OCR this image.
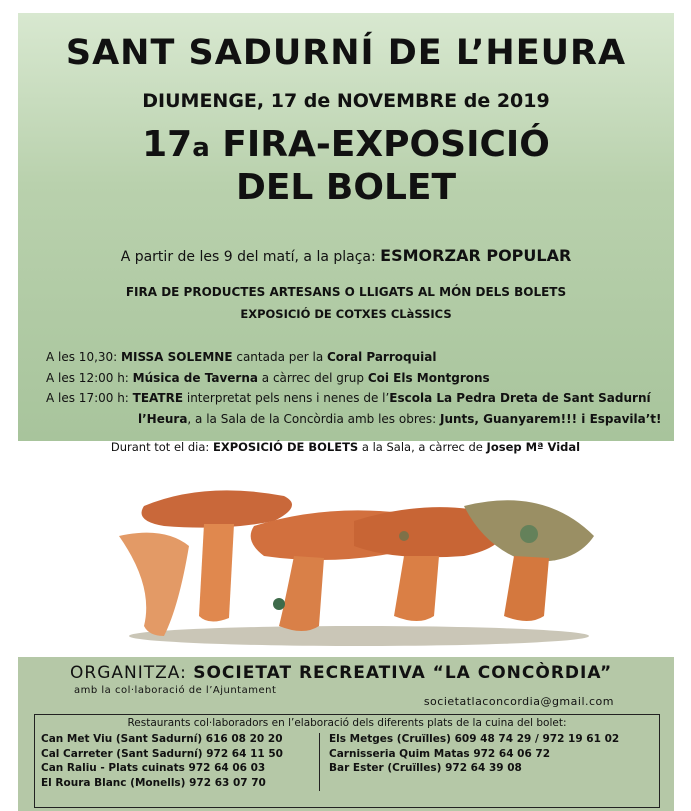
SANT SADURNÍ DE L’HEURA
DIUMENGE, 17 de NOVEMBRE de 2019
17a FIRA-EXPOSICIÓ
DEL BOLET
A partir de les 9 del matí, a la plaça: ESMORZAR POPULAR
FIRA DE PRODUCTES ARTESANS O LLIGATS AL MÓN DELS BOLETS
EXPOSICIÓ DE COTXES CLàSSICS
A les 10,30: MISSA SOLEMNE cantada per la Coral Parroquial
A les 12:00 h: Música de Taverna a càrrec del grup Coi Els Montgrons
A les 17:00 h: TEATRE interpretat pels nens i nenes de l’Escola La Pedra Dreta de Sant Sadurní
l’Heura, a la Sala de la Concòrdia amb les obres: Junts, Guanyarem!!! i Espavila’t!
Durant tot el dia: EXPOSICIÓ DE BOLETS a la Sala, a càrrec de Josep Mª Vidal
ORGANITZA: SOCIETAT RECREATIVA “LA CONCÒRDIA”
amb la col·laboració de l’Ajuntament
societatlaconcordia@gmail.com
Restaurants col·laboradors en l’elaboració dels diferents plats de la cuina del bolet:
Can Met Viu (Sant Sadurní) 616 08 20 20
Cal Carreter (Sant Sadurní) 972 64 11 50
Can Raliu - Plats cuinats 972 64 06 03
El Roura Blanc (Monells) 972 63 07 70
Els Metges (Cruïlles) 609 48 74 29 / 972 19 61 02
Carnisseria Quim Matas 972 64 06 72
Bar Ester (Cruïlles) 972 64 39 08
